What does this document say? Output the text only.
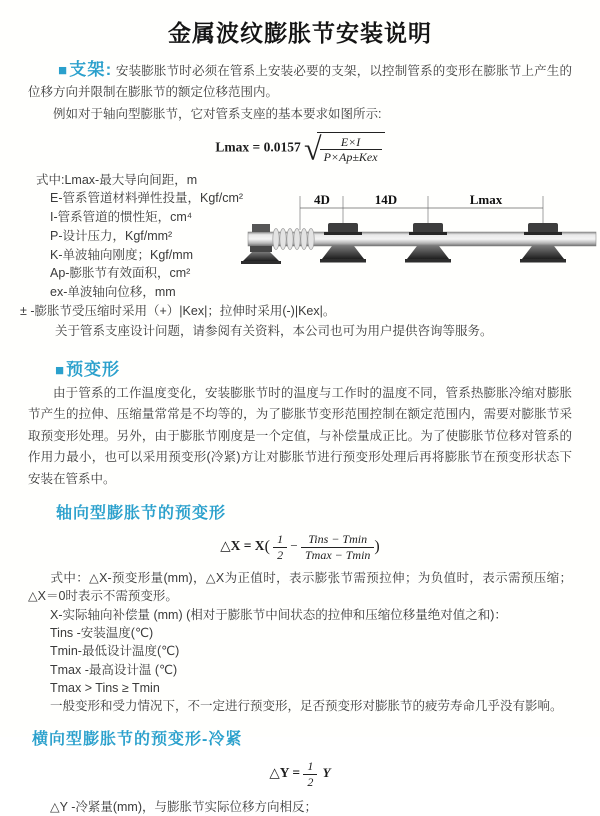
金属波纹膨胀节安装说明

■支架: 安装膨胀节时必须在管系上安装必要的支架，以控制管系的变形在膨胀节上产生的位移方向并限制在膨胀节的额定位移范围内。

例如对于轴向型膨胀节，它对管系支座的基本要求如图所示:

Lmax = 0.0157 √
$\frac{E\times I}{\text{P×Ap±Kex}}$
式中:Lmax-最大导向间距，m
E-管系管道材料弹性投量，Kgf/cm²
I-管系管道的惯性矩，cm⁴
P-设计压力，Kgf/mm²
K-单波轴向刚度；Kgf/mm
Ap-膨胀节有效面积，cm²
ex-单波轴向位移，mm
± -膨胀节受压缩时采用（+）|Kex|；拉伸时采用(-)|Kex|。
关于管系支座设计问题，请参阅有关资料，本公司也可为用户提供咨询等服务。
4D	14D	Lmax
■预变形

由于管系的工作温度变化，安装膨胀节时的温度与工作时的温度不同，管系热膨胀冷缩对膨胀节产生的拉伸、压缩量常常是不均等的，为了膨胀节变形范围控制在额定范围内，需要对膨胀节采取预变形处理。另外，由于膨胀节刚度是一个定值，与补偿量成正比。为了使膨胀节位移对管系的作用力最小，也可以采用预变形(冷紧)方让对膨胀节进行预变形处理后再将膨胀节在预变形状态下安装在管系中。

轴向型膨胀节的预变形
△X = $X( \frac{1}{2} - \frac{\text{Tins − Tmin}}{Tmax - Tmin}$ )

式中：△X-预变形量(mm)，△X为正值时，表示膨张节需预拉伸；为负值时，表示需预压缩；△X＝0时表示不需预变形。

X-实际轴向补偿量 (mm) (相对于膨胀节中间状态的拉伸和压缩位移量绝对值之和)：
Tins -安装温度(℃)
Tmin-最低设计温度(℃)
Tmax -最高设计温 (℃)
Tmax > Tins ≥ Tmin
一般变形和受力情况下，不一定进行预变形，足否预变形对膨胀节的疲劳寿命几乎没有影响。
横向型膨胀节的预变形-冷紧
△Y = $\frac{1}{2}$ Y
△Y -冷紧量(mm)，与膨胀节实际位移方向相反；
